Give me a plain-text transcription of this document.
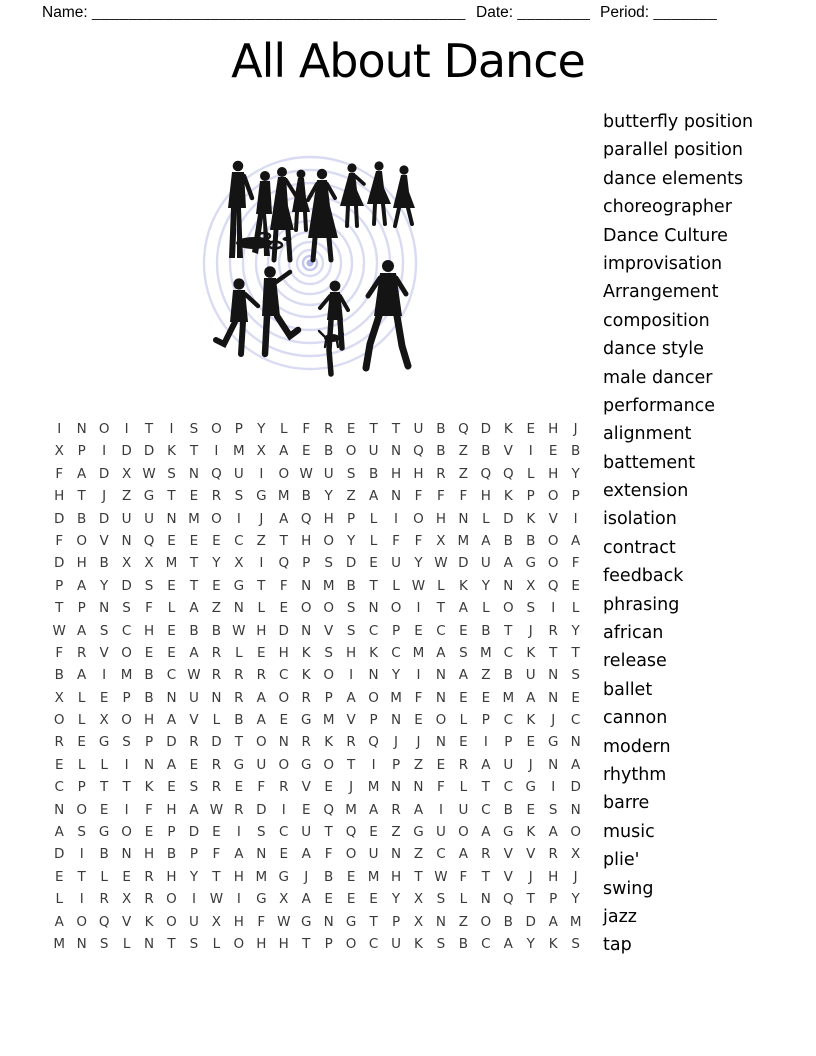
Name: _________________________________________ Date: ________ Period: _______
All About Dance
I	N O	I	T	I	S O P	Y	L	F	R E	T	T U B Q D K	E H	J
X	P	I	D D K	T	I	M X A	E	B O U N Q B Z B V	I	E	B
F	A D X W S N Q U	I	O W U S	B H H R Z Q Q L	H Y
H T	J	Z G T	E	R S G M B	Y	Z A N	F	F	F H K	P O P
D B D U U N M O	I	J	A Q H P	L	I	O H N	L D K V	I
F O V N Q E	E	E C Z	T H O Y	L	F	F	X M A B B O A
D H B X X M T	Y	X	I	Q P	S D E U Y W D U A G O F
P	A	Y D S	E	T	E G T	F	N M B	T	L W L	K	Y N X Q E
T	P N S	F	L	A Z N	L	E O O S N O	I	T	A	L O S	I	L
W A	S C H E	B B W H D N V	S C	P	E C E	B	T	J	R	Y
F	R V O E	E	A R	L	E H K	S H K C M A	S M C K	T	T
B A	I	M B C W R R R C K O	I	N Y	I	N A Z B U N S
X	L	E	P	B N U N R A O R	P	A O M F	N E	E M A N E
O L	X O H A V	L	B A	E G M V	P N E O L	P	C K	J	C
R E G S	P D R D T O N R K R Q	J	J	N E	I	P	E G N
E	L	L	I	N A	E	R G U O G O T	I	P	Z	E	R A U	J	N A
C	P	T	T	K	E	S R E	F	R V	E	J	M N N	F	L	T	C G	I	D
N O E	I	F H A W R D	I	E Q M A R A	I	U C B	E	S N
A	S G O E	P D E	I	S C U T Q E	Z G U O A G K A O
D	I	B N H B	P	F	A N E	A	F O U N Z C A R V V R X
E	T	L	E	R H Y	T H M G	J	B	E M H T W F	T	V	J	H	J
L	I	R X R O	I	W	I	G X A	E	E	E	Y	X	S	L	N Q T	P	Y
A O Q V K O U X H	F W G N G T	P	X N Z O B D A M
M N S	L	N T	S	L O H H T	P O C U K	S	B C A	Y	K	S
butterfly position
parallel position
dance elements
choreographer
Dance Culture
improvisation
Arrangement
composition
dance style
male dancer
performance
alignment
battement
extension
isolation
contract
feedback
phrasing
african
release
ballet
cannon
modern
rhythm
barre
music
plie'
swing
jazz
tap
